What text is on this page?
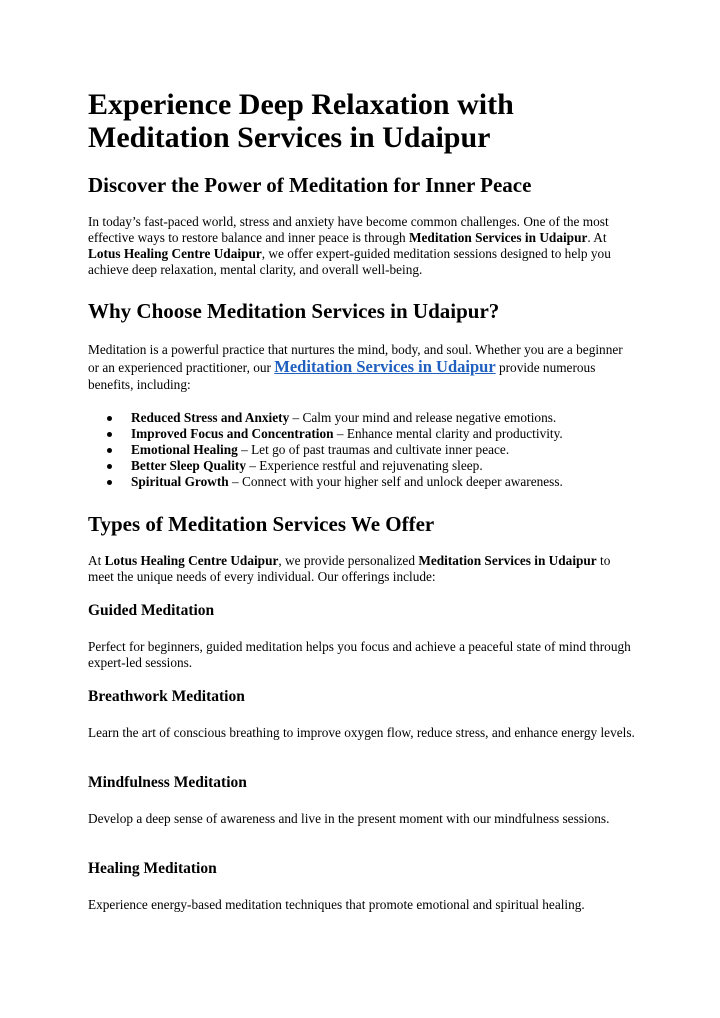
Experience Deep Relaxation with Meditation Services in Udaipur
Discover the Power of Meditation for Inner Peace

In today’s fast-paced world, stress and anxiety have become common challenges. One of the most effective ways to restore balance and inner peace is through Meditation Services in Udaipur. At Lotus Healing Centre Udaipur, we offer expert-guided meditation sessions designed to help you achieve deep relaxation, mental clarity, and overall well-being.

Why Choose Meditation Services in Udaipur?

Meditation is a powerful practice that nurtures the mind, body, and soul. Whether you are a beginner or an experienced practitioner, our Meditation Services in Udaipur provide numerous benefits, including:

Reduced Stress and Anxiety – Calm your mind and release negative emotions.
Improved Focus and Concentration – Enhance mental clarity and productivity.
Emotional Healing – Let go of past traumas and cultivate inner peace.
Better Sleep Quality – Experience restful and rejuvenating sleep.
Spiritual Growth – Connect with your higher self and unlock deeper awareness.
Types of Meditation Services We Offer

At Lotus Healing Centre Udaipur, we provide personalized Meditation Services in Udaipur to meet the unique needs of every individual. Our offerings include:

Guided Meditation

Perfect for beginners, guided meditation helps you focus and achieve a peaceful state of mind through expert-led sessions.

Breathwork Meditation

Learn the art of conscious breathing to improve oxygen flow, reduce stress, and enhance energy levels.

Mindfulness Meditation

Develop a deep sense of awareness and live in the present moment with our mindfulness sessions.

Healing Meditation

Experience energy-based meditation techniques that promote emotional and spiritual healing.
